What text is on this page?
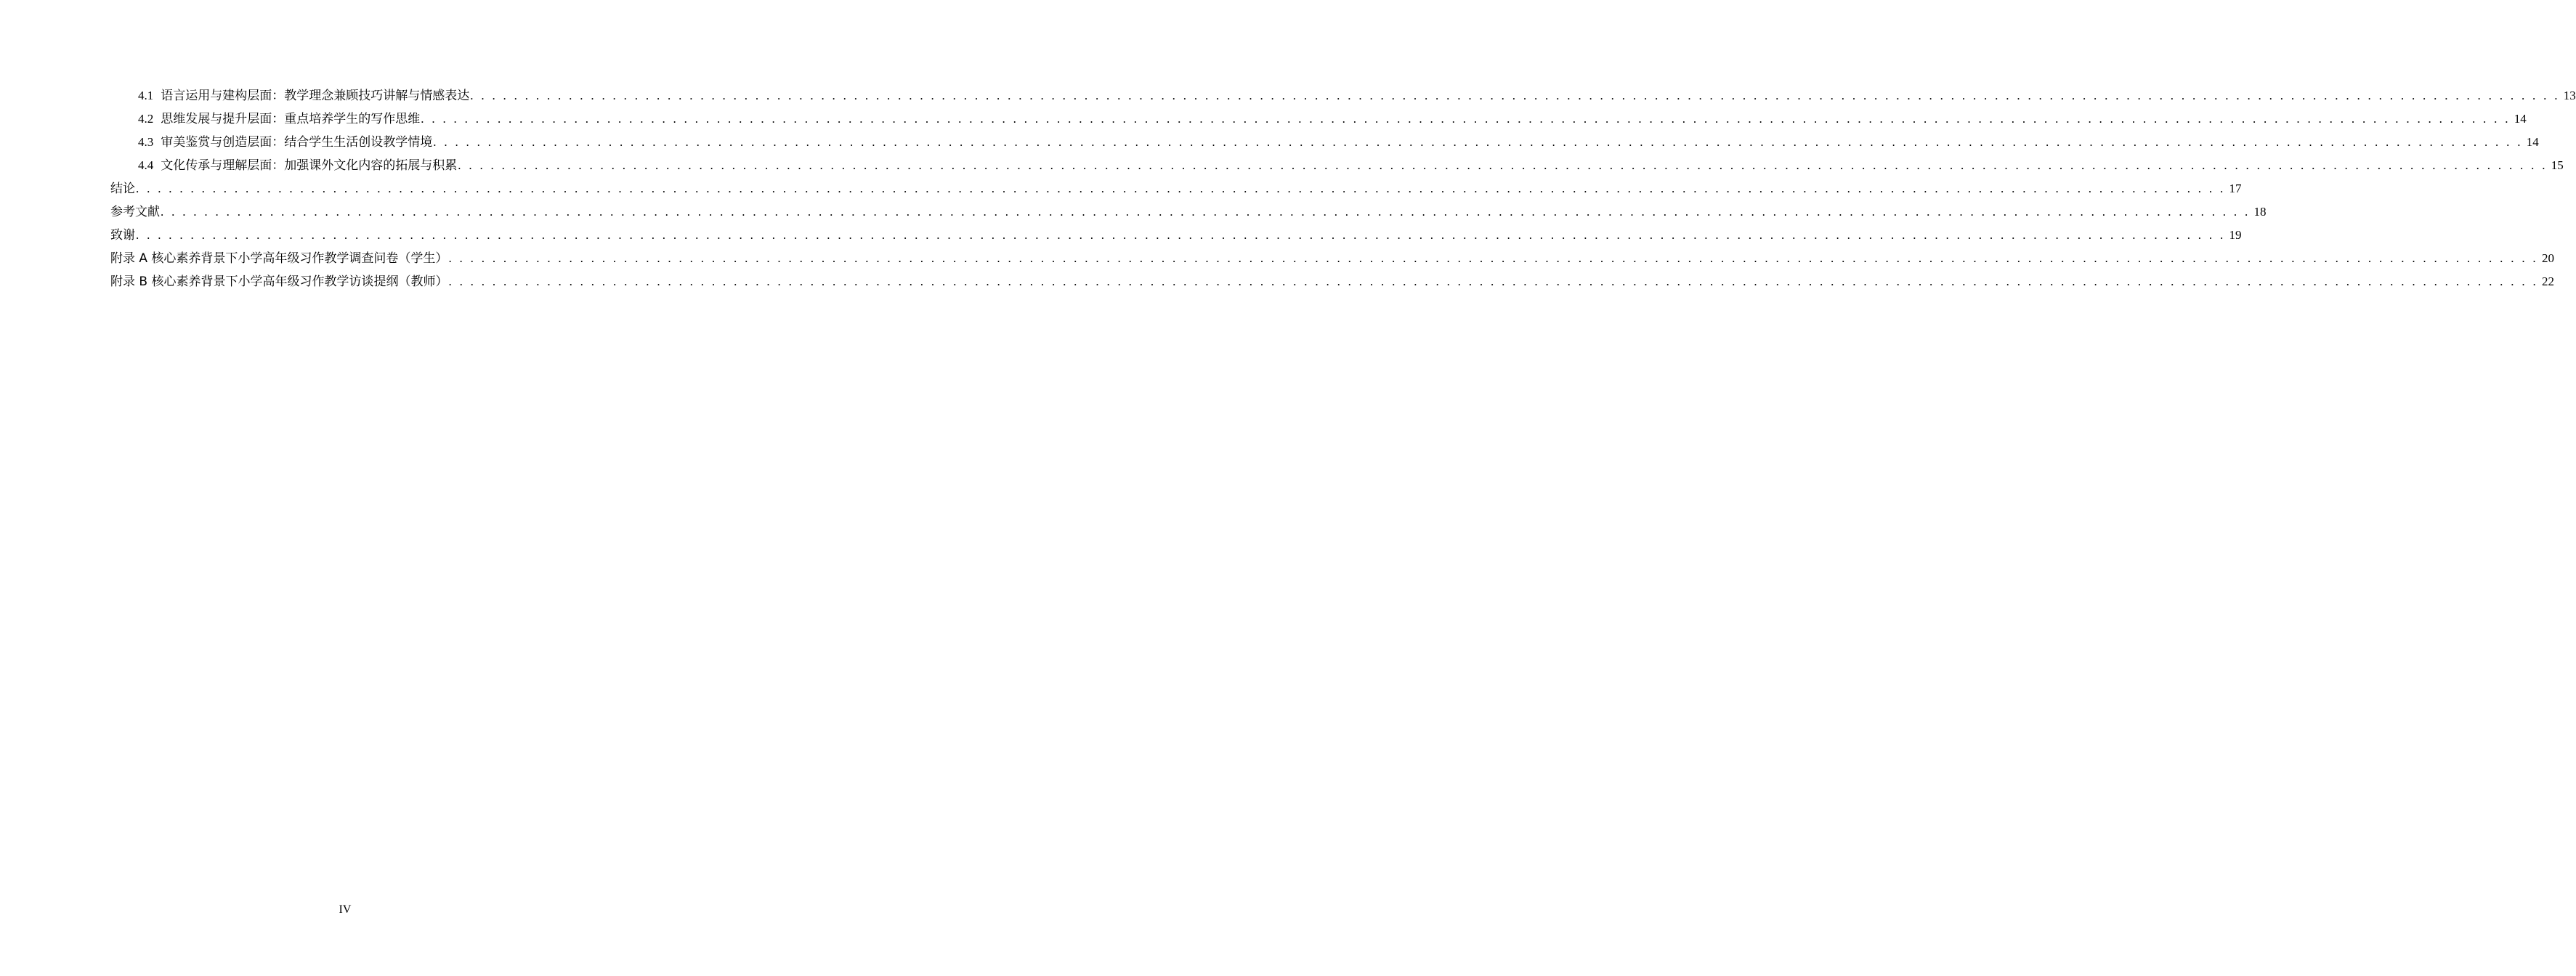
4.1 语言运用与建构层面：教学理念兼顾技巧讲解与情感表达 . . .	13
4.2 思维发展与提升层面：重点培养学生的写作思维 . . .	14
4.3 审美鉴赏与创造层面：结合学生生活创设教学情境 . . .	14
4.4 文化传承与理解层面：加强课外文化内容的拓展与积累 . . .	15
结论 . . .	17
参考文献 . . .	18
致谢 . . .	19
附录 A 核心素养背景下小学高年级习作教学调查问卷（学生） . . .	20
附录 B 核心素养背景下小学高年级习作教学访谈提纲（教师） . . .	22
IV
